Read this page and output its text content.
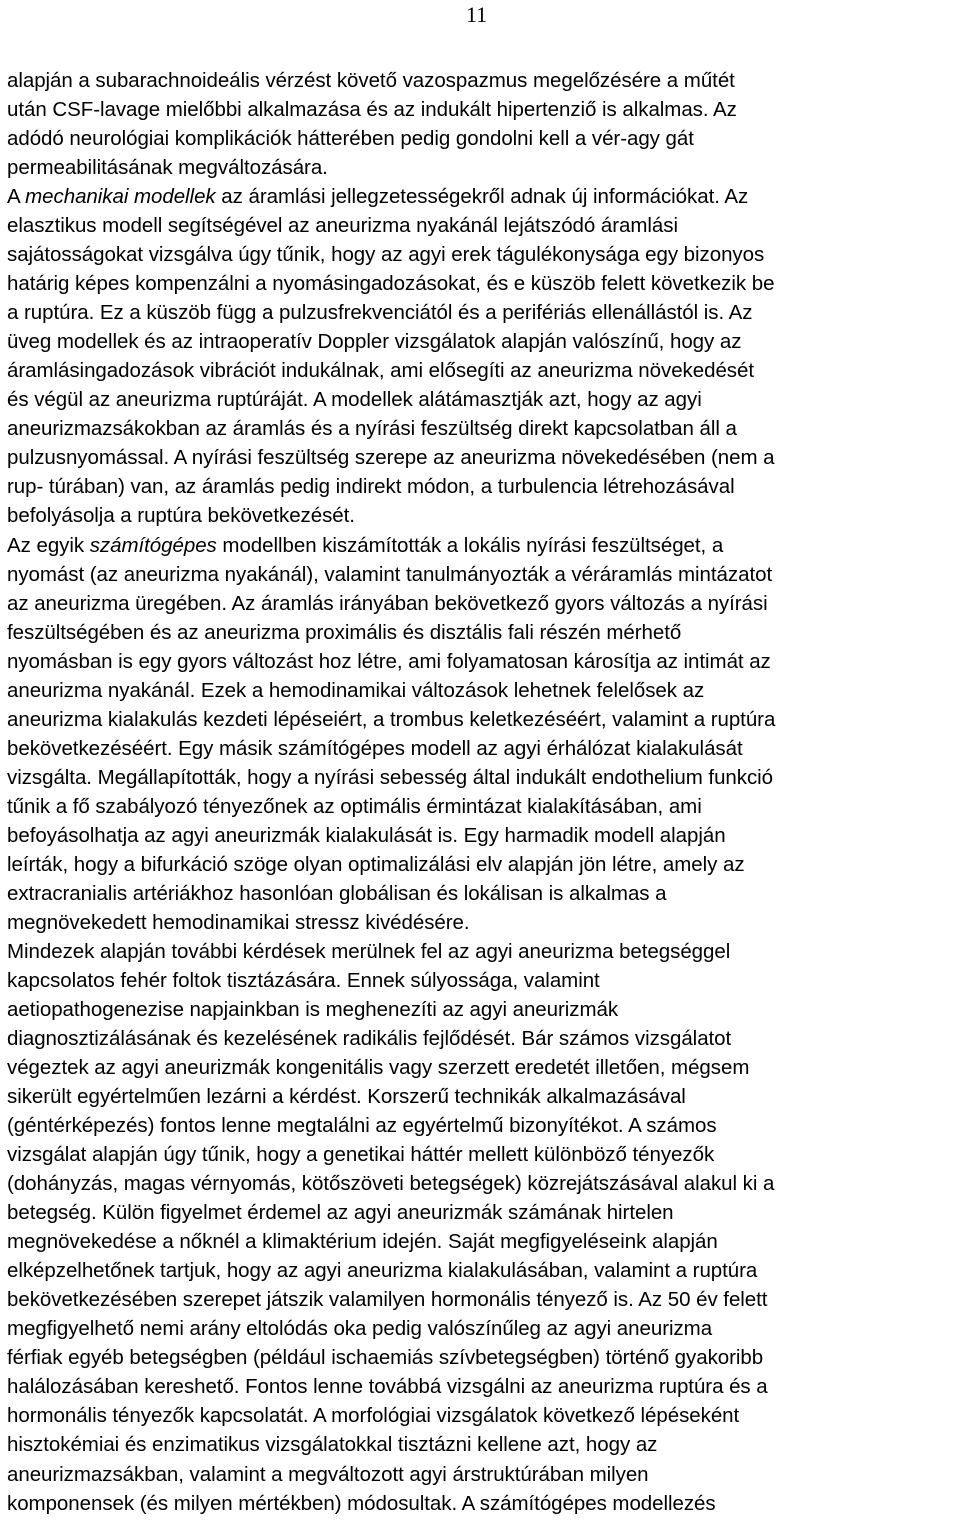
11
alapján a subarachnoideális vérzést követő vazospazmus megelőzésére a műtét
után CSF-lavage mielőbbi alkalmazása és az indukált hipertenziő is alkalmas. Az
adódó neurológiai komplikációk hátterében pedig gondolni kell a vér-agy gát
permeabilitásának megváltozására.
A mechanikai modellek az áramlási jellegzetességekről adnak új információkat. Az
elasztikus modell segítségével az aneurizma nyakánál lejátszódó áramlási
sajátosságokat vizsgálva úgy tűnik, hogy az agyi erek tágulékonysága egy bizonyos
határig képes kompenzálni a nyomásingadozásokat, és e küszöb felett következik be
a ruptúra. Ez a küszöb függ a pulzusfrekvenciától és a perifériás ellenállástól is. Az
üveg modellek és az intraoperatív Doppler vizsgálatok alapján valószínű, hogy az
áramlásingadozások vibrációt indukálnak, ami elősegíti az aneurizma növekedését
és végül az aneurizma ruptúráját. A modellek alátámasztják azt, hogy az agyi
aneurizmazsákokban az áramlás és a nyírási feszültség direkt kapcsolatban áll a
pulzusnyomással. A nyírási feszültség szerepe az aneurizma növekedésében (nem a
rup- túrában) van, az áramlás pedig indirekt módon, a turbulencia létrehozásával
befolyásolja a ruptúra bekövetkezését.
Az egyik számítógépes modellben kiszámították a lokális nyírási feszültséget, a
nyomást (az aneurizma nyakánál), valamint tanulmányozták a véráramlás mintázatot
az aneurizma üregében. Az áramlás irányában bekövetkező gyors változás a nyírási
feszültségében és az aneurizma proximális és disztális fali részén mérhető
nyomásban is egy gyors változást hoz létre, ami folyamatosan károsítja az intimát az
aneurizma nyakánál. Ezek a hemodinamikai változások lehetnek felelősek az
aneurizma kialakulás kezdeti lépéseiért, a trombus keletkezéséért, valamint a ruptúra
bekövetkezéséért. Egy másik számítógépes modell az agyi érhálózat kialakulását
vizsgálta. Megállapították, hogy a nyírási sebesség által indukált endothelium funkció
tűnik a fő szabályozó tényezőnek az optimális érmintázat kialakításában, ami
befoyásolhatja az agyi aneurizmák kialakulását is. Egy harmadik modell alapján
leírták, hogy a bifurkáció szöge olyan optimalizálási elv alapján jön létre, amely az
extracranialis artériákhoz hasonlóan globálisan és lokálisan is alkalmas a
megnövekedett hemodinamikai stressz kivédésére.
Mindezek alapján további kérdések merülnek fel az agyi aneurizma betegséggel
kapcsolatos fehér foltok tisztázására. Ennek súlyossága, valamint
aetiopathogenezise napjainkban is meghenezíti az agyi aneurizmák
diagnosztizálásának és kezelésének radikális fejlődését. Bár számos vizsgálatot
végeztek az agyi aneurizmák kongenitális vagy szerzett eredetét illetően, mégsem
sikerült egyértelműen lezárni a kérdést. Korszerű technikák alkalmazásával
(géntérképezés) fontos lenne megtalálni az egyértelmű bizonyítékot. A számos
vizsgálat alapján úgy tűnik, hogy a genetikai háttér mellett különböző tényezők
(dohányzás, magas vérnyomás, kötőszöveti betegségek) közrejátszásával alakul ki a
betegség. Külön figyelmet érdemel az agyi aneurizmák számának hirtelen
megnövekedése a nőknél a klimaktérium idején. Saját megfigyeléseink alapján
elképzelhetőnek tartjuk, hogy az agyi aneurizma kialakulásában, valamint a ruptúra
bekövetkezésében szerepet játszik valamilyen hormonális tényező is. Az 50 év felett
megfigyelhető nemi arány eltolódás oka pedig valószínűleg az agyi aneurizma
férfiak egyéb betegségben (például ischaemiás szívbetegségben) történő gyakoribb
halálozásában kereshető. Fontos lenne továbbá vizsgálni az aneurizma ruptúra és a
hormonális tényezők kapcsolatát. A morfológiai vizsgálatok következő lépéseként
hisztokémiai és enzimatikus vizsgálatokkal tisztázni kellene azt, hogy az
aneurizmazsákban, valamint a megváltozott agyi árstruktúrában milyen
komponensek (és milyen mértékben) módosultak. A számítógépes modellezés
